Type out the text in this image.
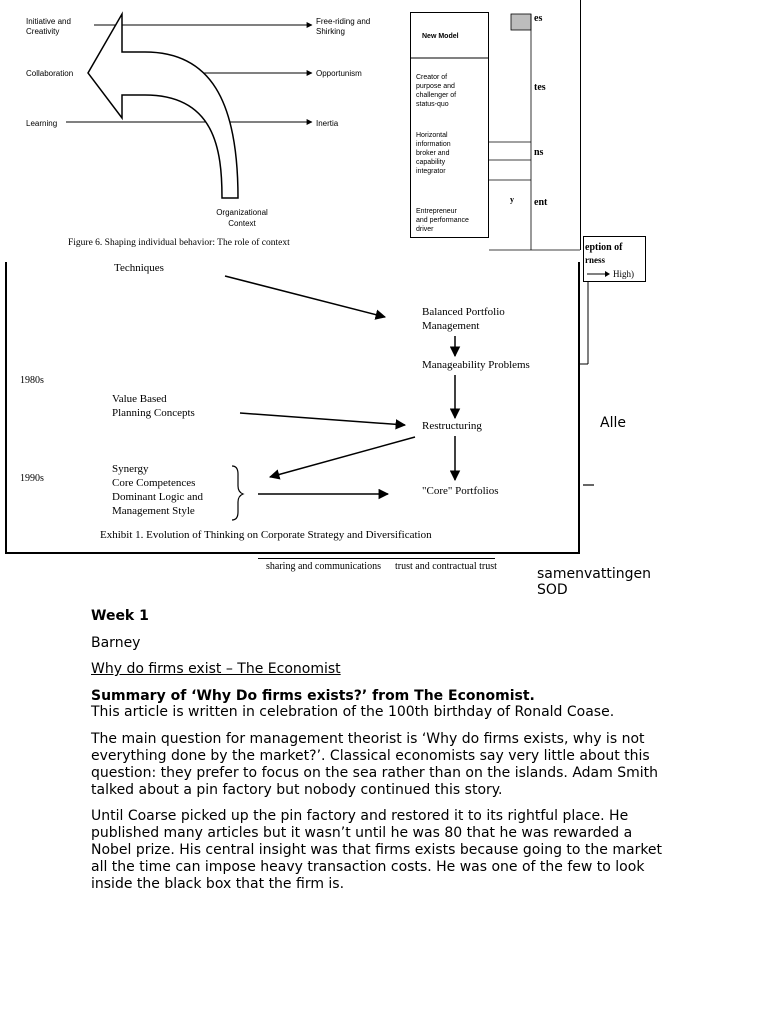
Techniques
Balanced Portfolio
Management
Manageability Problems
1980s
Value Based
Planning Concepts
Restructuring
1990s
Synergy
Core Competences
Dominant Logic and
Management Style
"Core" Portfolios
Exhibit 1. Evolution of Thinking on Corporate Strategy and Diversification
Initiative and
Creativity
Collaboration
Learning
Free-riding and
Shirking
Opportunism
Inertia
Organizational
Context
Figure 6. Shaping individual behavior: The role of context
New Model
Creator of
purpose and
challenger of
status-quo
Horizontal
information
broker and
capability
integrator
Entrepreneur
and performance
driver
es
tes
ns
ent
y
eption of
rness
High)
sharing and communications trust and contractual trust
Alle
samenvattingen
SOD
Week 1
Barney
Why do firms exist – The Economist
Summary of ‘Why Do firms exists?’ from The Economist.
This article is written in celebration of the 100th birthday of Ronald Coase.
The main question for management theorist is ‘Why do firms exists, why is not
everything done by the market?’. Classical economists say very little about this
question: they prefer to focus on the sea rather than on the islands. Adam Smith
talked about a pin factory but nobody continued this story.
Until Coarse picked up the pin factory and restored it to its rightful place. He
published many articles but it wasn’t until he was 80 that he was rewarded a
Nobel prize. His central insight was that firms exists because going to the market
all the time can impose heavy transaction costs. He was one of the few to look
inside the black box that the firm is.
